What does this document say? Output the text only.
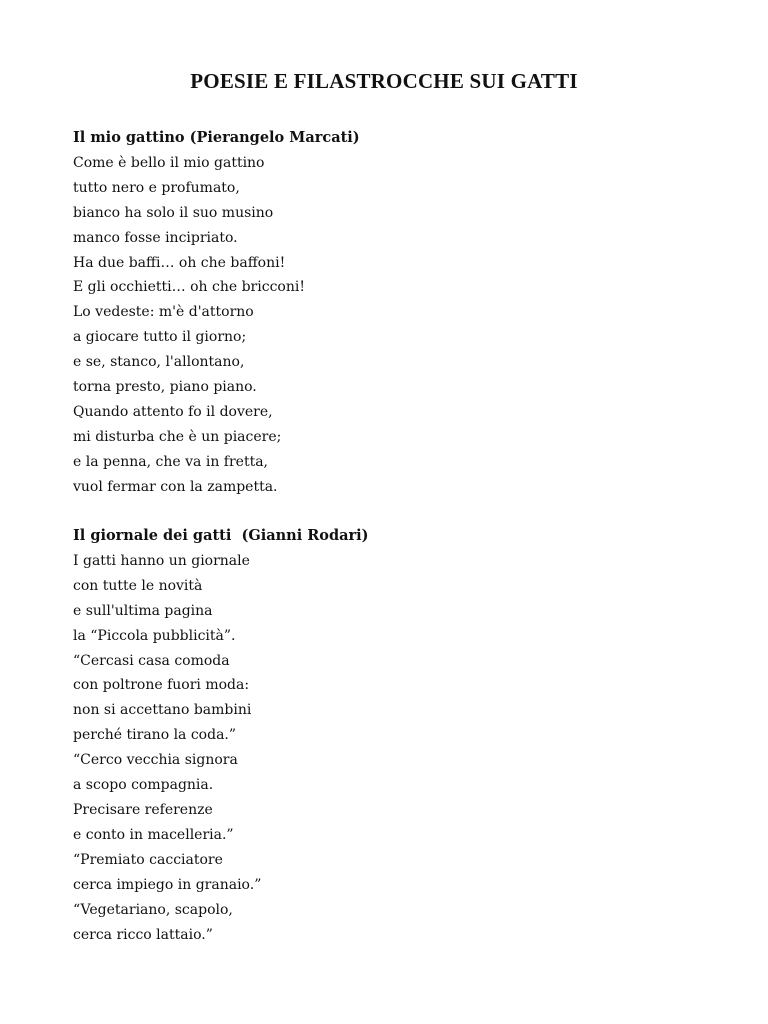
POESIE E FILASTROCCHE SUI GATTI
Il mio gattino (Pierangelo Marcati)
Come è bello il mio gattino
tutto nero e profumato,
bianco ha solo il suo musino
manco fosse incipriato.
Ha due baffi… oh che baffoni!
E gli occhietti… oh che bricconi!
Lo vedeste: m'è d'attorno
a giocare tutto il giorno;
e se, stanco, l'allontano,
torna presto, piano piano.
Quando attento fo il dovere,
mi disturba che è un piacere;
e la penna, che va in fretta,
vuol fermar con la zampetta.
Il giornale dei gatti  (Gianni Rodari)
I gatti hanno un giornale
con tutte le novità
e sull'ultima pagina
la “Piccola pubblicità”.
“Cercasi casa comoda
con poltrone fuori moda:
non si accettano bambini
perché tirano la coda.”
“Cerco vecchia signora
a scopo compagnia.
Precisare referenze
e conto in macelleria.”
“Premiato cacciatore
cerca impiego in granaio.”
“Vegetariano, scapolo,
cerca ricco lattaio.”
